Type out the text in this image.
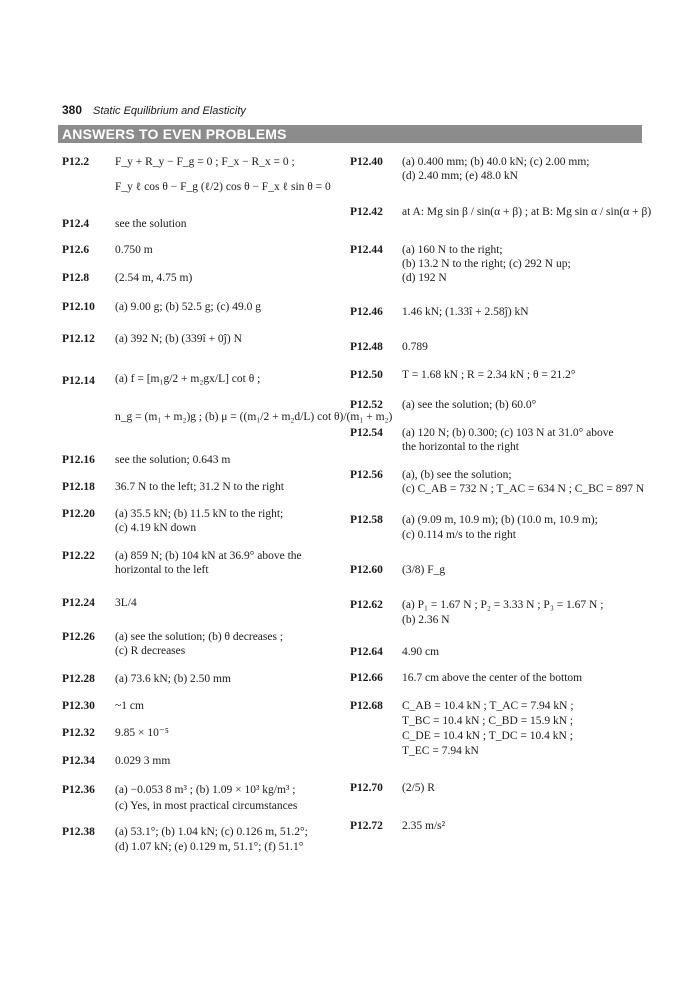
380 Static Equilibrium and Elasticity
ANSWERS TO EVEN PROBLEMS
P12.2 F_y + R_y − F_g = 0 ; F_x − R_x = 0 ;
F_y ℓ cos θ − F_g (ℓ/2) cos θ − F_x ℓ sin θ = 0
P12.4 see the solution
P12.6 0.750 m
P12.8 (2.54 m, 4.75 m)
P12.10 (a) 9.00 g; (b) 52.5 g; (c) 49.0 g
P12.12 (a) 392 N; (b) (339î + 0ĵ) N
P12.14 (a) f = [m₁g/2 + m₂gx/L] cot θ ;
n_g = (m₁ + m₂)g ; (b) μ = ((m₁/2 + m₂d/L) cot θ)/(m₁ + m₂)
P12.16 see the solution; 0.643 m
P12.18 36.7 N to the left; 31.2 N to the right
P12.20 (a) 35.5 kN; (b) 11.5 kN to the right;
(c) 4.19 kN down
P12.22 (a) 859 N; (b) 104 kN at 36.9° above the
horizontal to the left
P12.24 3L/4
P12.26 (a) see the solution; (b) θ decreases ;
(c) R decreases
P12.28 (a) 73.6 kN; (b) 2.50 mm
P12.30 ~1 cm
P12.32 9.85 × 10⁻⁵
P12.34 0.029 3 mm
P12.36 (a) −0.053 8 m³ ; (b) 1.09 × 10³ kg/m³ ;
(c) Yes, in most practical circumstances
P12.38 (a) 53.1°; (b) 1.04 kN; (c) 0.126 m, 51.2°;
(d) 1.07 kN; (e) 0.129 m, 51.1°; (f) 51.1°
P12.40 (a) 0.400 mm; (b) 40.0 kN; (c) 2.00 mm;
(d) 2.40 mm; (e) 48.0 kN
P12.42 at A: Mg sin β / sin(α + β) ; at B: Mg sin α / sin(α + β)
P12.44 (a) 160 N to the right;
(b) 13.2 N to the right; (c) 292 N up;
(d) 192 N
P12.46 1.46 kN; (1.33î + 2.58ĵ) kN
P12.48 0.789
P12.50 T = 1.68 kN ; R = 2.34 kN ; θ = 21.2°
P12.52 (a) see the solution; (b) 60.0°
P12.54 (a) 120 N; (b) 0.300; (c) 103 N at 31.0° above
the horizontal to the right
P12.56 (a), (b) see the solution;
(c) C_AB = 732 N ; T_AC = 634 N ; C_BC = 897 N
P12.58 (a) (9.09 m, 10.9 m); (b) (10.0 m, 10.9 m);
(c) 0.114 m/s to the right
P12.60 (3/8) F_g
P12.62 (a) P₁ = 1.67 N ; P₂ = 3.33 N ; P₃ = 1.67 N ;
(b) 2.36 N
P12.64 4.90 cm
P12.66 16.7 cm above the center of the bottom
P12.68 C_AB = 10.4 kN ; T_AC = 7.94 kN ;
T_BC = 10.4 kN ; C_BD = 15.9 kN ;
C_DE = 10.4 kN ; T_DC = 10.4 kN ;
T_EC = 7.94 kN
P12.70 (2/5) R
P12.72 2.35 m/s²
